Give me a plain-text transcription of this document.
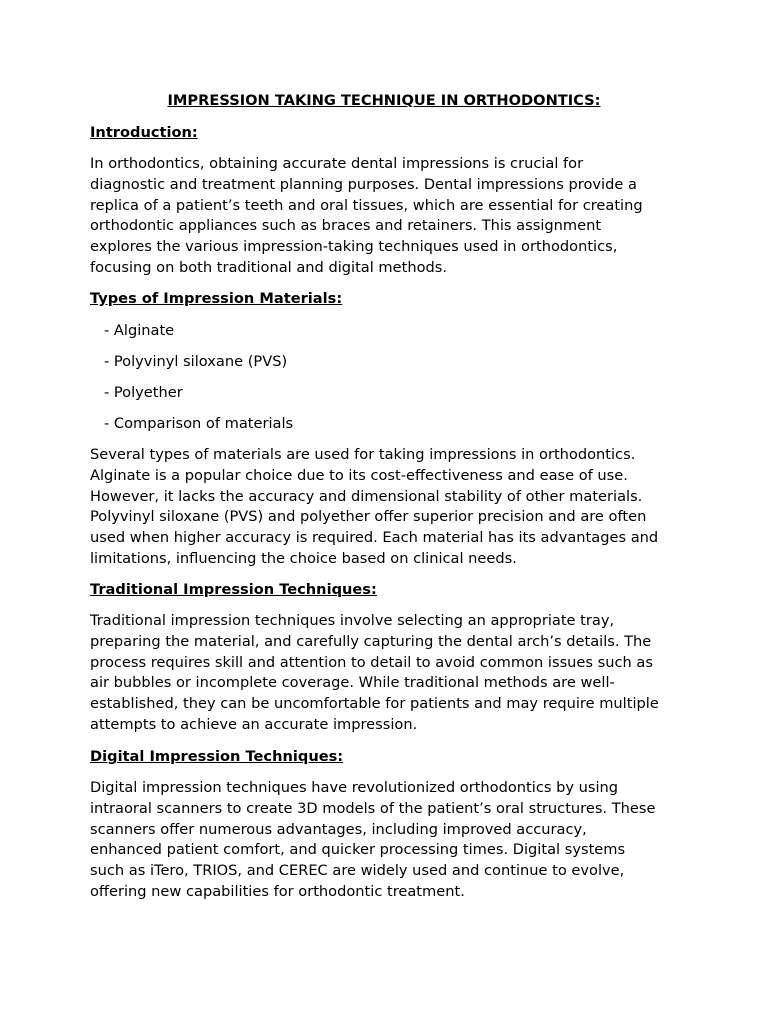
IMPRESSION TAKING TECHNIQUE IN ORTHODONTICS:
Introduction:
In orthodontics, obtaining accurate dental impressions is crucial for
diagnostic and treatment planning purposes. Dental impressions provide a
replica of a patient’s teeth and oral tissues, which are essential for creating
orthodontic appliances such as braces and retainers. This assignment
explores the various impression-taking techniques used in orthodontics,
focusing on both traditional and digital methods.
Types of Impression Materials:

- Alginate

- Polyvinyl siloxane (PVS)

- Polyether

- Comparison of materials

Several types of materials are used for taking impressions in orthodontics.
Alginate is a popular choice due to its cost-effectiveness and ease of use.
However, it lacks the accuracy and dimensional stability of other materials.
Polyvinyl siloxane (PVS) and polyether offer superior precision and are often
used when higher accuracy is required. Each material has its advantages and
limitations, influencing the choice based on clinical needs.
Traditional Impression Techniques:
Traditional impression techniques involve selecting an appropriate tray,
preparing the material, and carefully capturing the dental arch’s details. The
process requires skill and attention to detail to avoid common issues such as
air bubbles or incomplete coverage. While traditional methods are well-
established, they can be uncomfortable for patients and may require multiple
attempts to achieve an accurate impression.
Digital Impression Techniques:
Digital impression techniques have revolutionized orthodontics by using
intraoral scanners to create 3D models of the patient’s oral structures. These
scanners offer numerous advantages, including improved accuracy,
enhanced patient comfort, and quicker processing times. Digital systems
such as iTero, TRIOS, and CEREC are widely used and continue to evolve,
offering new capabilities for orthodontic treatment.
